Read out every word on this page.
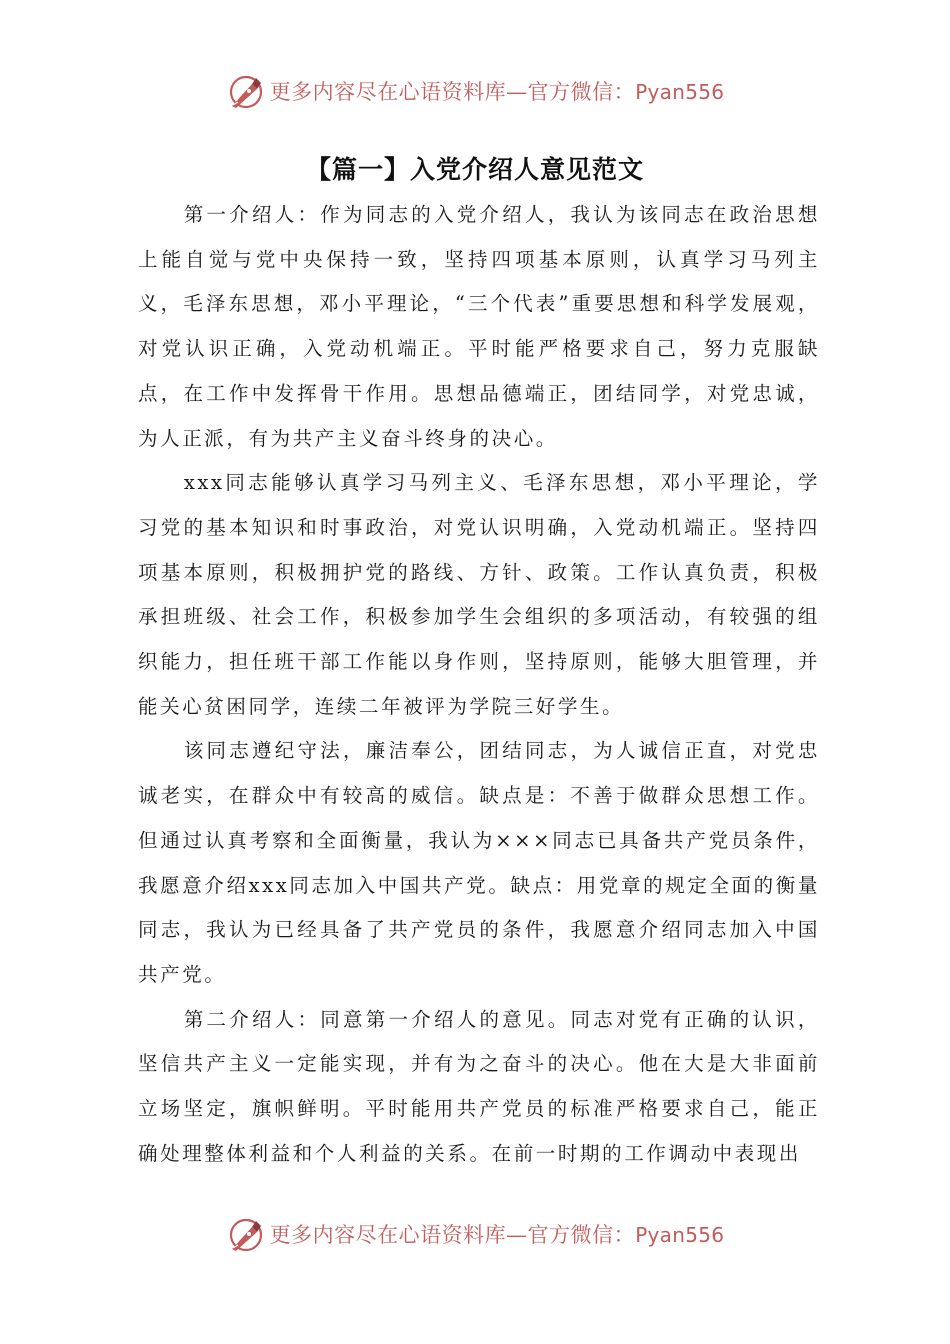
更多内容尽在心语资料库—官方微信： Pyan556
【篇一】入党介绍人意见范文

第一介绍人：作为同志的入党介绍人，我认为该同志在政治思想上能自觉与党中央保持一致，坚持四项基本原则，认真学习马列主义，毛泽东思想，邓小平理论，“三个代表”重要思想和科学发展观，对党认识正确，入党动机端正。平时能严格要求自己，努力克服缺点，在工作中发挥骨干作用。思想品德端正，团结同学，对党忠诚，为人正派，有为共产主义奋斗终身的决心。

xxx同志能够认真学习马列主义、毛泽东思想，邓小平理论，学习党的基本知识和时事政治，对党认识明确，入党动机端正。坚持四项基本原则，积极拥护党的路线、方针、政策。工作认真负责，积极承担班级、社会工作，积极参加学生会组织的多项活动，有较强的组织能力，担任班干部工作能以身作则，坚持原则，能够大胆管理，并能关心贫困同学，连续二年被评为学院三好学生。

该同志遵纪守法，廉洁奉公，团结同志，为人诚信正直，对党忠诚老实，在群众中有较高的威信。缺点是：不善于做群众思想工作。但通过认真考察和全面衡量，我认为×××同志已具备共产党员条件，我愿意介绍xxx同志加入中国共产党。缺点：用党章的规定全面的衡量同志，我认为已经具备了共产党员的条件，我愿意介绍同志加入中国共产党。

第二介绍人：同意第一介绍人的意见。同志对党有正确的认识，坚信共产主义一定能实现，并有为之奋斗的决心。他在大是大非面前立场坚定，旗帜鲜明。平时能用共产党员的标准严格要求自己，能正确处理整体利益和个人利益的关系。在前一时期的工作调动中表现出

更多内容尽在心语资料库—官方微信： Pyan556
